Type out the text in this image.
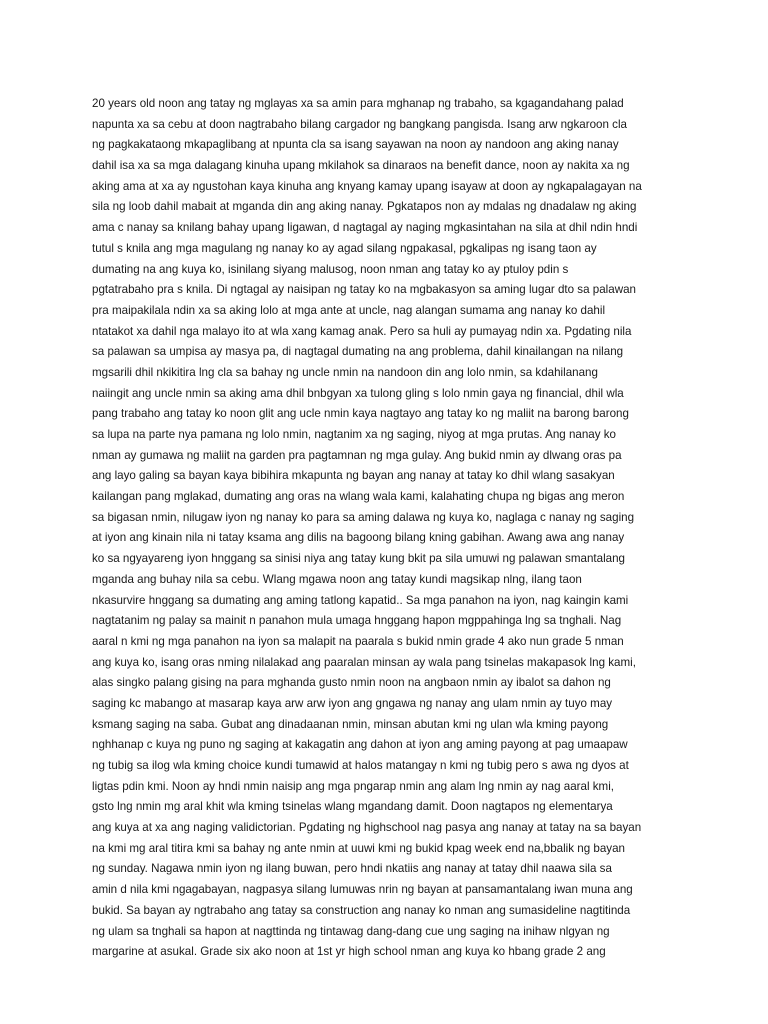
20 years old noon ang tatay ng mglayas xa sa amin para mghanap ng trabaho, sa kgagandahang palad
napunta xa sa cebu at doon nagtrabaho bilang cargador ng bangkang pangisda. Isang arw ngkaroon cla
ng pagkakataong mkapaglibang at npunta cla sa isang sayawan na noon ay nandoon ang aking nanay
dahil isa xa sa mga dalagang kinuha upang mkilahok sa dinaraos na benefit dance, noon ay nakita xa ng
aking ama at xa ay ngustohan kaya kinuha ang knyang kamay upang isayaw at doon ay ngkapalagayan na
sila ng loob dahil mabait at mganda din ang aking nanay. Pgkatapos non ay mdalas ng dnadalaw ng aking
ama c nanay sa knilang bahay upang ligawan, d nagtagal ay naging mgkasintahan na sila at dhil ndin hndi
tutul s knila ang mga magulang ng nanay ko ay agad silang ngpakasal, pgkalipas ng isang taon ay
dumating na ang kuya ko, isinilang siyang malusog, noon nman ang tatay ko ay ptuloy pdin s
pgtatrabaho pra s knila. Di ngtagal ay naisipan ng tatay ko na mgbakasyon sa aming lugar dto sa palawan
pra maipakilala ndin xa sa aking lolo at mga ante at uncle, nag alangan sumama ang nanay ko dahil
ntatakot xa dahil nga malayo ito at wla xang kamag anak. Pero sa huli ay pumayag ndin xa. Pgdating nila
sa palawan sa umpisa ay masya pa, di nagtagal dumating na ang problema, dahil kinailangan na nilang
mgsarili dhil nkikitira lng cla sa bahay ng uncle nmin na nandoon din ang lolo nmin, sa kdahilanang
naiingit ang uncle nmin sa aking ama dhil bnbgyan xa tulong gling s lolo nmin gaya ng financial, dhil wla
pang trabaho ang tatay ko noon glit ang ucle nmin kaya nagtayo ang tatay ko ng maliit na barong barong
sa lupa na parte nya pamana ng lolo nmin, nagtanim xa ng saging, niyog at mga prutas. Ang nanay ko
nman ay gumawa ng maliit na garden pra pagtamnan ng mga gulay. Ang bukid nmin ay dlwang oras pa
ang layo galing sa bayan kaya bibihira mkapunta ng bayan ang nanay at tatay ko dhil wlang sasakyan
kailangan pang mglakad, dumating ang oras na wlang wala kami, kalahating chupa ng bigas ang meron
sa bigasan nmin, nilugaw iyon ng nanay ko para sa aming dalawa ng kuya ko, naglaga c nanay ng saging
at iyon ang kinain nila ni tatay ksama ang dilis na bagoong bilang kning gabihan. Awang awa ang nanay
ko sa ngyayareng iyon hnggang sa sinisi niya ang tatay kung bkit pa sila umuwi ng palawan smantalang
mganda ang buhay nila sa cebu. Wlang mgawa noon ang tatay kundi magsikap nlng, ilang taon
nkasurvire hnggang sa dumating ang aming tatlong kapatid.. Sa mga panahon na iyon, nag kaingin kami
nagtatanim ng palay sa mainit n panahon mula umaga hnggang hapon mgppahinga lng sa tnghali. Nag
aaral n kmi ng mga panahon na iyon sa malapit na paarala s bukid nmin grade 4 ako nun grade 5 nman
ang kuya ko, isang oras nming nilalakad ang paaralan minsan ay wala pang tsinelas makapasok lng kami,
alas singko palang gising na para mghanda gusto nmin noon na angbaon nmin ay ibalot sa dahon ng
saging kc mabango at masarap kaya arw arw iyon ang gngawa ng nanay ang ulam nmin ay tuyo may
ksmang saging na saba. Gubat ang dinadaanan nmin, minsan abutan kmi ng ulan wla kming payong
nghhanap c kuya ng puno ng saging at kakagatin ang dahon at iyon ang aming payong at pag umaapaw
ng tubig sa ilog wla kming choice kundi tumawid at halos matangay n kmi ng tubig pero s awa ng dyos at
ligtas pdin kmi. Noon ay hndi nmin naisip ang mga pngarap nmin ang alam lng nmin ay nag aaral kmi,
gsto lng nmin mg aral khit wla kming tsinelas wlang mgandang damit. Doon nagtapos ng elementarya
ang kuya at xa ang naging validictorian. Pgdating ng highschool nag pasya ang nanay at tatay na sa bayan
na kmi mg aral titira kmi sa bahay ng ante nmin at uuwi kmi ng bukid kpag week end na,bbalik ng bayan
ng sunday. Nagawa nmin iyon ng ilang buwan, pero hndi nkatiis ang nanay at tatay dhil naawa sila sa
amin d nila kmi ngagabayan, nagpasya silang lumuwas nrin ng bayan at pansamantalang iwan muna ang
bukid. Sa bayan ay ngtrabaho ang tatay sa construction ang nanay ko nman ang sumasideline nagtitinda
ng ulam sa tnghali sa hapon at nagttinda ng tintawag dang-dang cue ung saging na inihaw nlgyan ng
margarine at asukal. Grade six ako noon at 1st yr high school nman ang kuya ko hbang grade 2 ang
